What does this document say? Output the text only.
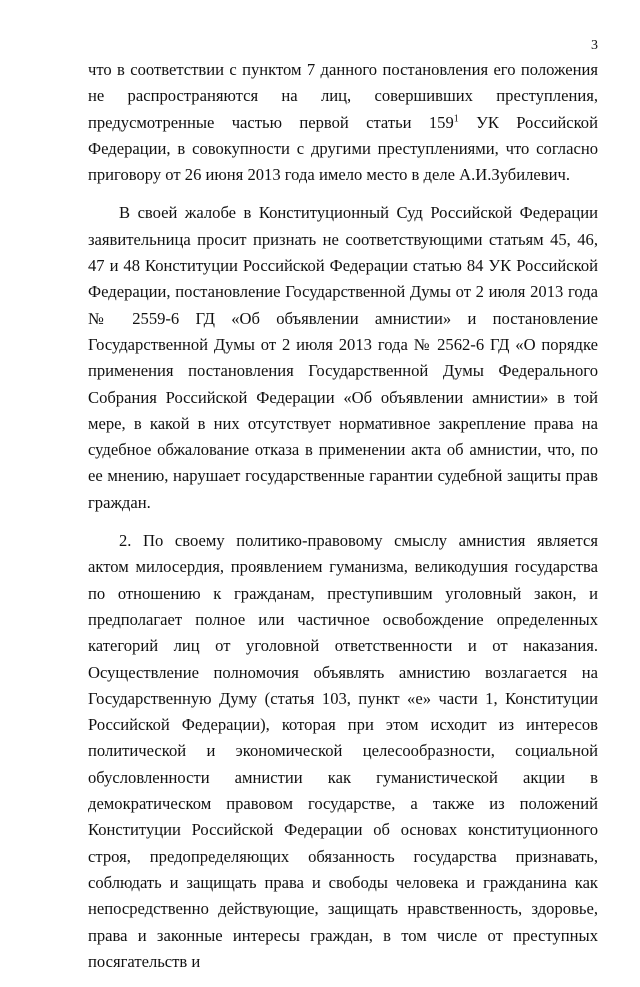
3

что в соответствии с пунктом 7 данного постановления его положения не распространяются на лиц, совершивших преступления, предусмотренные частью первой статьи $159^1$ УК Российской Федерации, в совокупности с другими преступлениями, что согласно приговору от 26 июня 2013 года имело место в деле А.И.Зубилевич.

В своей жалобе в Конституционный Суд Российской Федерации заявительница просит признать не соответствующими статьям 45, 46, 47 и 48 Конституции Российской Федерации статью 84 УК Российской Федерации, постановление Государственной Думы от 2 июля 2013 года № 2559-6 ГД «Об объявлении амнистии» и постановление Государственной Думы от 2 июля 2013 года № 2562-6 ГД «О порядке применения постановления Государственной Думы Федерального Собрания Российской Федерации «Об объявлении амнистии» в той мере, в какой в них отсутствует нормативное закрепление права на судебное обжалование отказа в применении акта об амнистии, что, по ее мнению, нарушает государственные гарантии судебной защиты прав граждан.

2. По своему политико-правовому смыслу амнистия является актом милосердия, проявлением гуманизма, великодушия государства по отношению к гражданам, преступившим уголовный закон, и предполагает полное или частичное освобождение определенных категорий лиц от уголовной ответственности и от наказания. Осуществление полномочия объявлять амнистию возлагается на Государственную Думу (статья 103, пункт «е» части 1, Конституции Российской Федерации), которая при этом исходит из интересов политической и экономической целесообразности, социальной обусловленности амнистии как гуманистической акции в демократическом правовом государстве, а также из положений Конституции Российской Федерации об основах конституционного строя, предопределяющих обязанность государства признавать, соблюдать и защищать права и свободы человека и гражданина как непосредственно действующие, защищать нравственность, здоровье, права и законные интересы граждан, в том числе от преступных посягательств и
